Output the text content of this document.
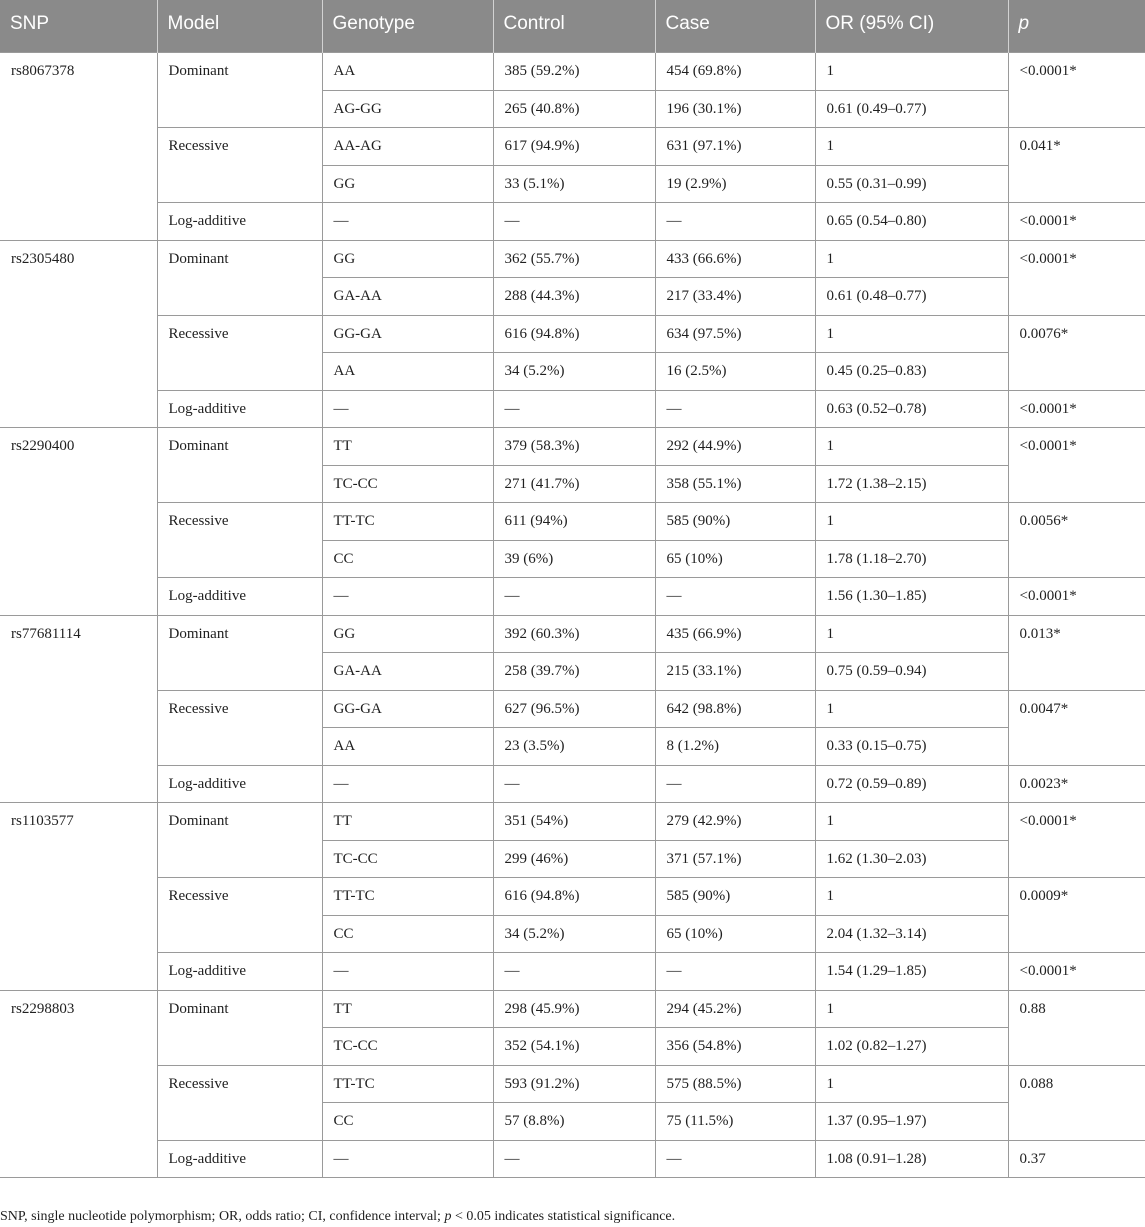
SNP	Model	Genotype	Control	Case	OR (95% CI)	p

rs8067378	Dominant	AA	385 (59.2%)	454 (69.8%)	1	<0.0001*

		AG-GG	265 (40.8%)	196 (30.1%)	0.61 (0.49–0.77)	

	Recessive	AA-AG	617 (94.9%)	631 (97.1%)	1	0.041*

		GG	33 (5.1%)	19 (2.9%)	0.55 (0.31–0.99)	

	Log-additive	—	—	—	0.65 (0.54–0.80)	<0.0001*

rs2305480	Dominant	GG	362 (55.7%)	433 (66.6%)	1	<0.0001*

		GA-AA	288 (44.3%)	217 (33.4%)	0.61 (0.48–0.77)	

	Recessive	GG-GA	616 (94.8%)	634 (97.5%)	1	0.0076*

		AA	34 (5.2%)	16 (2.5%)	0.45 (0.25–0.83)	

	Log-additive	—	—	—	0.63 (0.52–0.78)	<0.0001*

rs2290400	Dominant	TT	379 (58.3%)	292 (44.9%)	1	<0.0001*

		TC-CC	271 (41.7%)	358 (55.1%)	1.72 (1.38–2.15)	

	Recessive	TT-TC	611 (94%)	585 (90%)	1	0.0056*

		CC	39 (6%)	65 (10%)	1.78 (1.18–2.70)	

	Log-additive	—	—	—	1.56 (1.30–1.85)	<0.0001*

rs77681114	Dominant	GG	392 (60.3%)	435 (66.9%)	1	0.013*

		GA-AA	258 (39.7%)	215 (33.1%)	0.75 (0.59–0.94)	

	Recessive	GG-GA	627 (96.5%)	642 (98.8%)	1	0.0047*

		AA	23 (3.5%)	8 (1.2%)	0.33 (0.15–0.75)	

	Log-additive	—	—	—	0.72 (0.59–0.89)	0.0023*

rs1103577	Dominant	TT	351 (54%)	279 (42.9%)	1	<0.0001*

		TC-CC	299 (46%)	371 (57.1%)	1.62 (1.30–2.03)	

	Recessive	TT-TC	616 (94.8%)	585 (90%)	1	0.0009*

		CC	34 (5.2%)	65 (10%)	2.04 (1.32–3.14)	

	Log-additive	—	—	—	1.54 (1.29–1.85)	<0.0001*

rs2298803	Dominant	TT	298 (45.9%)	294 (45.2%)	1	0.88

		TC-CC	352 (54.1%)	356 (54.8%)	1.02 (0.82–1.27)	

	Recessive	TT-TC	593 (91.2%)	575 (88.5%)	1	0.088

		CC	57 (8.8%)	75 (11.5%)	1.37 (0.95–1.97)	

	Log-additive	—	—	—	1.08 (0.91–1.28)	0.37
SNP, single nucleotide polymorphism; OR, odds ratio; CI, confidence interval; p < 0.05 indicates statistical significance.
